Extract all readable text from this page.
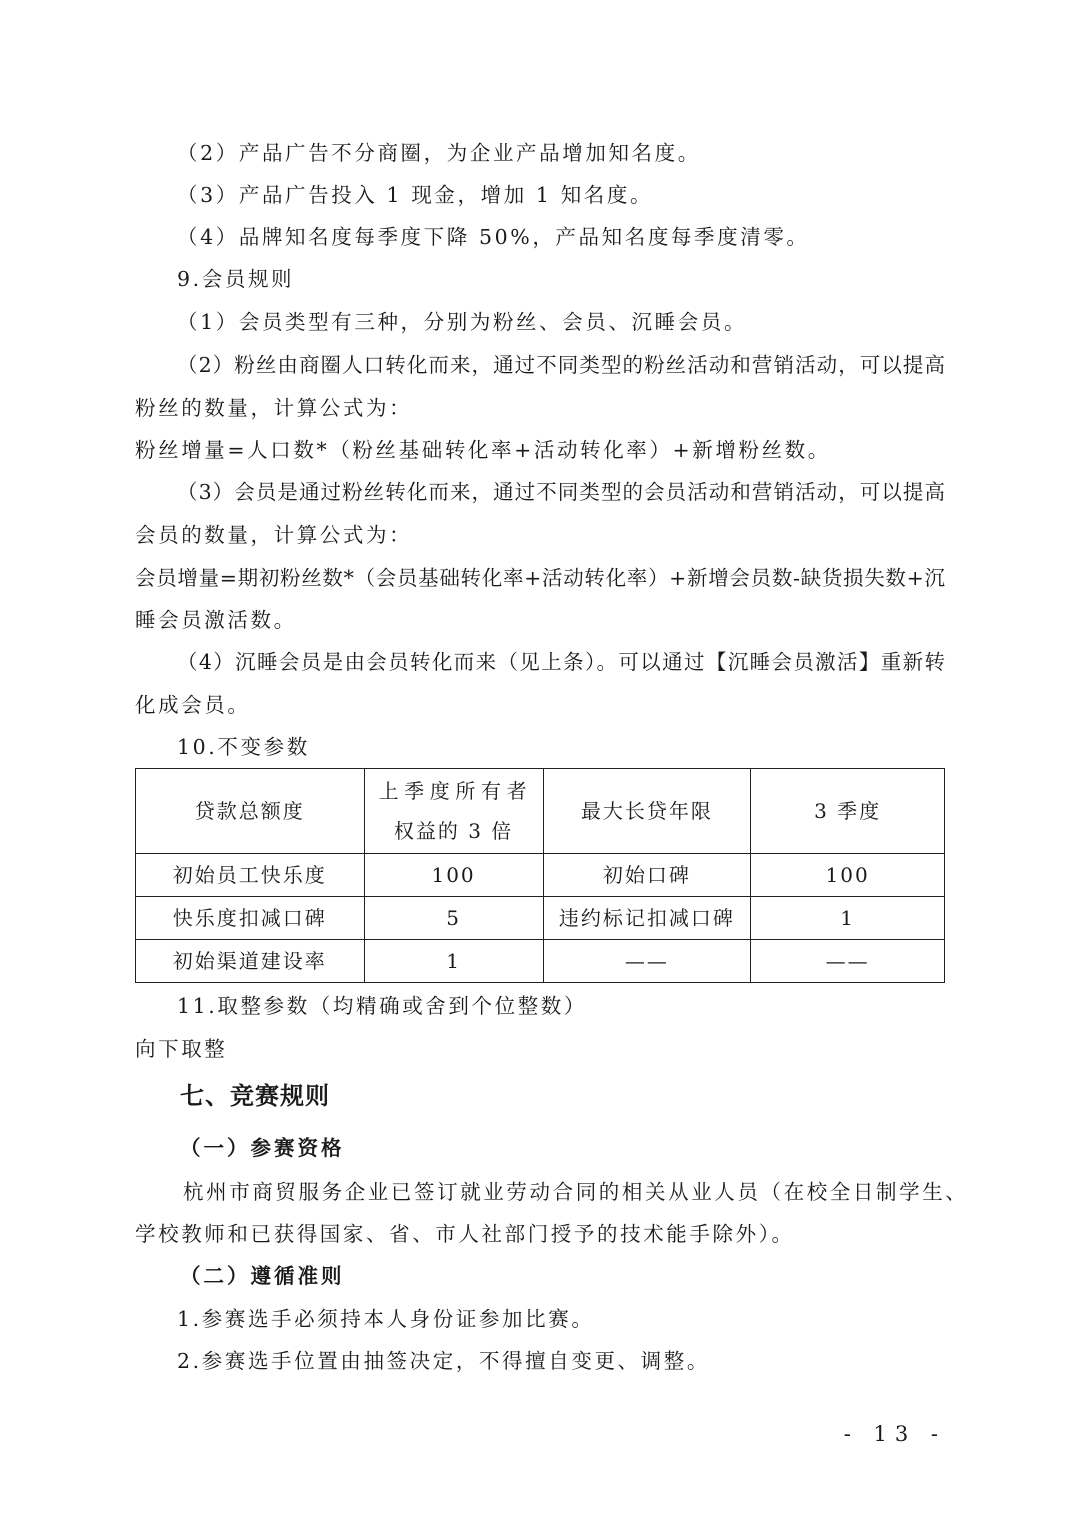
（2）产品广告不分商圈，为企业产品增加知名度。
（3）产品广告投入 1 现金，增加 1 知名度。
（4）品牌知名度每季度下降 50%，产品知名度每季度清零。
9.会员规则
（1）会员类型有三种，分别为粉丝、会员、沉睡会员。
（2）粉丝由商圈人口转化而来，通过不同类型的粉丝活动和营销活动，可以提高
粉丝的数量，计算公式为：
粉丝增量=人口数*（粉丝基础转化率+活动转化率）+新增粉丝数。
（3）会员是通过粉丝转化而来，通过不同类型的会员活动和营销活动，可以提高
会员的数量，计算公式为：
会员增量=期初粉丝数*（会员基础转化率+活动转化率）+新增会员数-缺货损失数+沉
睡会员激活数。
（4）沉睡会员是由会员转化而来（见上条）。可以通过【沉睡会员激活】重新转
化成会员。
10.不变参数
贷款总额度	上季度所有者权益的 3 倍	最大长贷年限	3 季度
初始员工快乐度	100	初始口碑	100
快乐度扣减口碑	5	违约标记扣减口碑	1
初始渠道建设率	1	——	——
11.取整参数（均精确或舍到个位整数）
向下取整
七、竞赛规则
（一）参赛资格
杭州市商贸服务企业已签订就业劳动合同的相关从业人员（在校全日制学生、
学校教师和已获得国家、省、市人社部门授予的技术能手除外）。
（二）遵循准则
1.参赛选手必须持本人身份证参加比赛。
2.参赛选手位置由抽签决定，不得擅自变更、调整。
- 13 -
